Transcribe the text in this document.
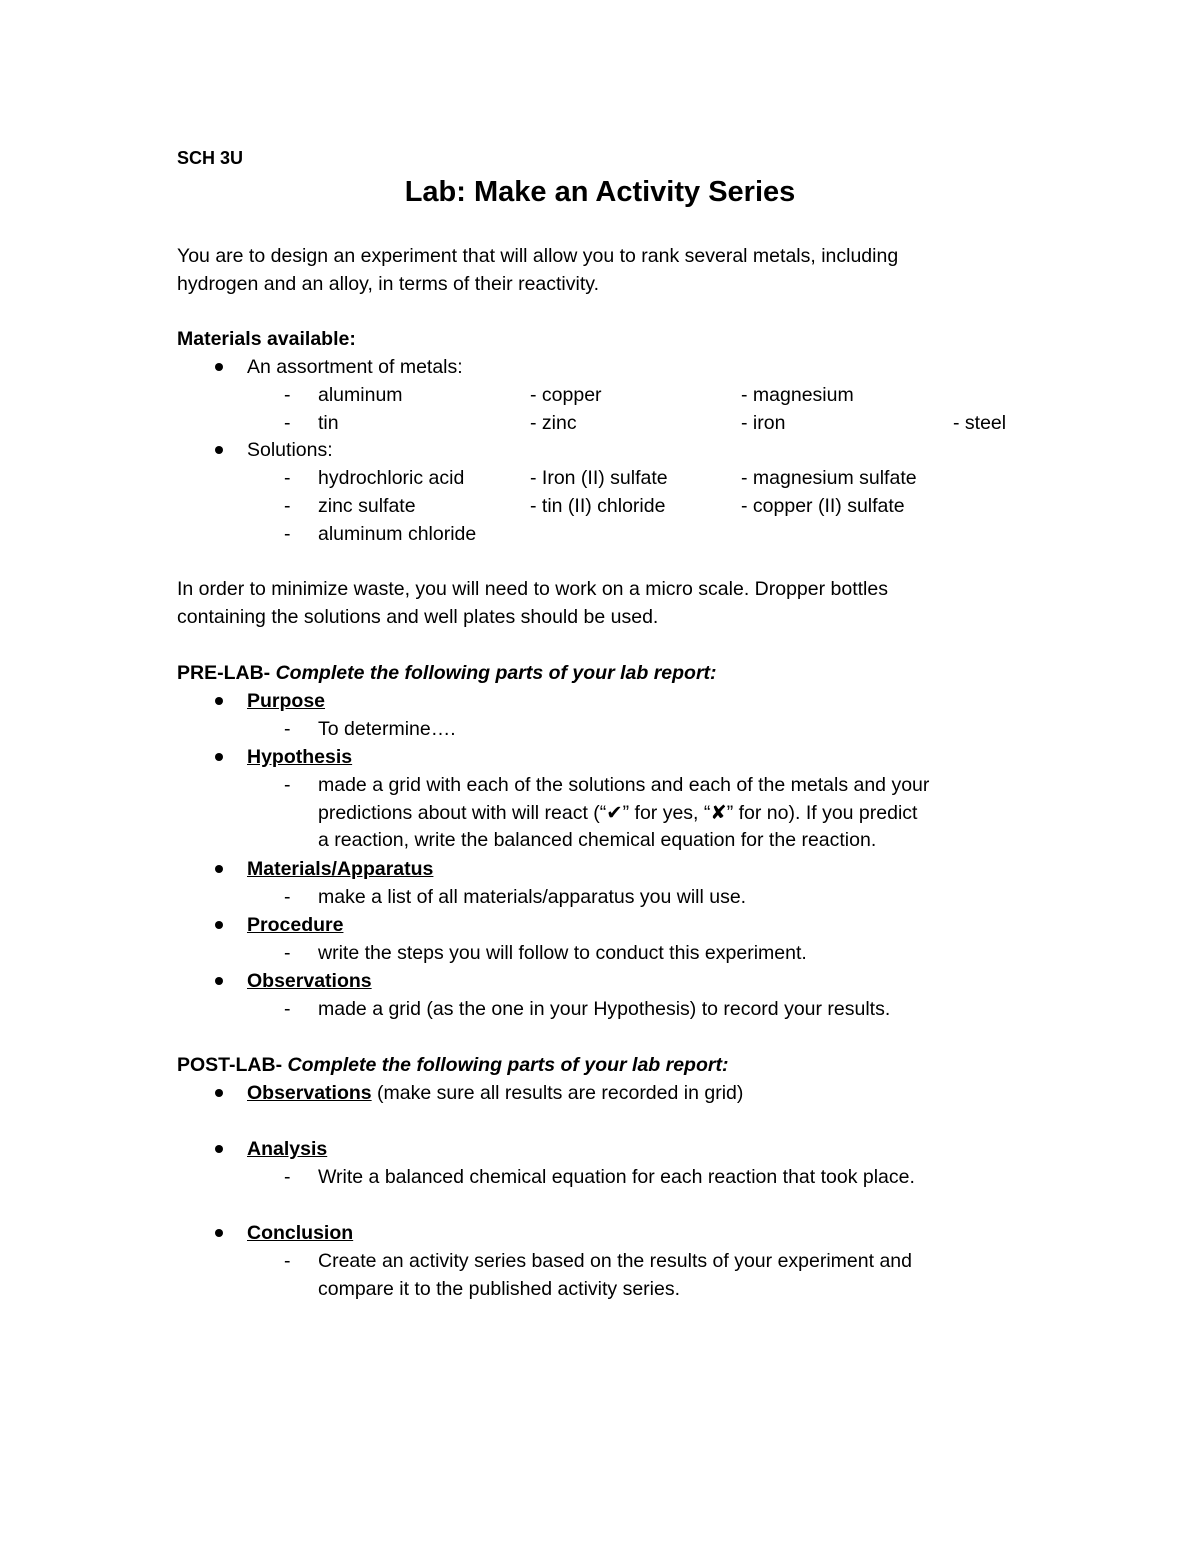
SCH 3U
Lab: Make an Activity Series
You are to design an experiment that will allow you to rank several metals, including
hydrogen and an alloy, in terms of their reactivity.
Materials available:
An assortment of metals:
- aluminum	- copper	- magnesium
- tin	- zinc	- iron	- steel
Solutions:
- hydrochloric acid	- Iron (II) sulfate	- magnesium sulfate
- zinc sulfate	- tin (II) chloride	- copper (II) sulfate
- aluminum chloride
In order to minimize waste, you will need to work on a micro scale. Dropper bottles
containing the solutions and well plates should be used.
PRE-LAB- Complete the following parts of your lab report:
Purpose
- To determine….
Hypothesis
- made a grid with each of the solutions and each of the metals and your
predictions about with will react (“✔” for yes, “✘” for no). If you predict
a reaction, write the balanced chemical equation for the reaction.
Materials/Apparatus
- make a list of all materials/apparatus you will use.
Procedure
- write the steps you will follow to conduct this experiment.
Observations
- made a grid (as the one in your Hypothesis) to record your results.
POST-LAB- Complete the following parts of your lab report:
Observations (make sure all results are recorded in grid)
Analysis
- Write a balanced chemical equation for each reaction that took place.
Conclusion
- Create an activity series based on the results of your experiment and
compare it to the published activity series.
